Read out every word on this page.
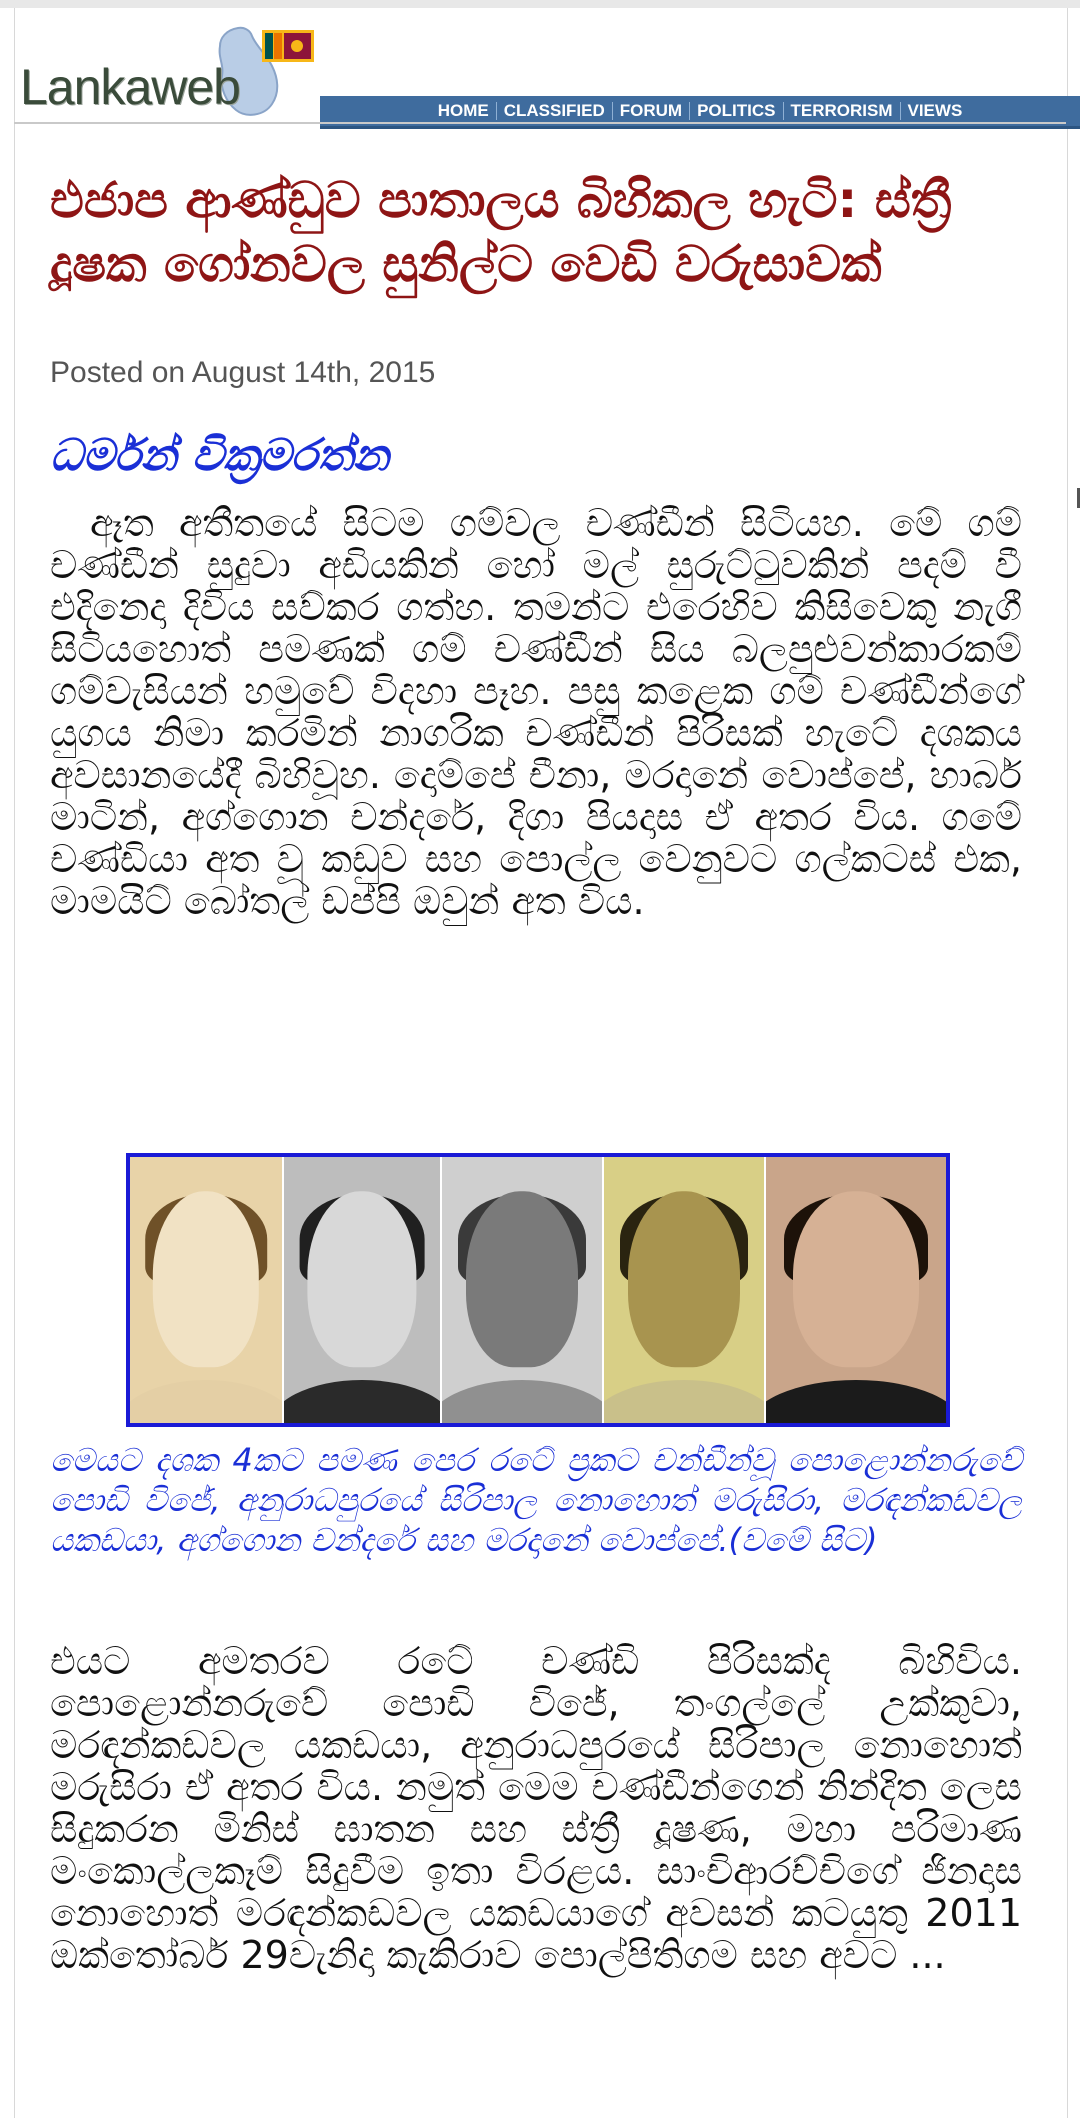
Lankaweb	HOME CLASSIFIED FORUM POLITICS TERRORISM VIEWS
එජාප ආණ්ඩුව පාතාලය බිහිකල හැටි: ස්ත්‍රී දූෂක ගෝනවල සුනිල්ට වෙඩි වරුසාවක්
Posted on August 14th, 2015
ධර්මන් වික්‍රමරත්න

ඈත අතීතයේ සිටම ගම්වල චණ්ඩීන් සිටියහ. මේ ගම් චණ්ඩීන් සුදුවා අඩියකින් හෝ මල් සුරුට්ටුවකින් පදම් වී එදිනෙදා දිවිය සව්කර ගත්හ. තමන්ට එරෙහිව කිසිවෙකු නැගී සිටියහොත් පමණක් ගම් චණ්ඩීන් සිය බලපුළුවන්කාරකම් ගම්වැසියන් හමුවේ විදහා පෑහ. පසු කළෙක ගම් චණ්ඩීන්ගේ යුගය නිමා කරමින් නාගරික චණ්ඩීන් පිරිසක් හැටේ දශකය අවසානයේදී බිහිවූහ. දොම්පේ චීනා, මරදානේ වොප්පේ, හාබර් මාටින්, අග්ගොන චන්දරේ, දිගා පියදාස ඒ අතර විය. ගමේ චණ්ඩියා අත වූ කඩුව සහ පොල්ල වෙනුවට ගල්කටස් එක, මාමයිට් බෝතල් ඩප්පි ඔවුන් අත විය.

මෙයට දශක 4කට පමණ පෙර රටේ ප්‍රකට චන්ඩීන්වූ පොළොන්නරුවේ පොඩි විජේ, අනුරාධපුරයේ සිරිපාල නොහොත් මරුසිරා, මරඳන්කඩවල යකඩයා, අග්ගොන චන්දරේ සහ මරදානේ වොප්පේ.(වමේ සිට)

එයට අමතරව රටේ චණ්ඩි පිරිසක්ද බිහිවිය. පොළොන්නරුවේ පොඩි විජේ, තංගල්ලේ උක්කුවා, මරඳන්කඩවල යකඩයා, අනුරාධපුරයේ සිරිපාල නොහොත් මරුසිරා ඒ අතර විය. නමුත් මෙම චණ්ඩීන්ගෙන් නින්දිත ලෙස සිදුකරන මිනිස් ඝාතන සහ ස්ත්‍රී දූෂණ, මහා පරිමාණ මංකොල්ලකෑම් සිදුවීම ඉතා විරළය. සාංචිආරච්චිගේ ජිනදාස නොහොත් මරඳන්කඩවල යකඩයාගේ අවසන් කටයුතු 2011 ඔක්තෝබර් 29වැනිදා කැකිරාව පොල්පිතිගම සහ අවට ...
